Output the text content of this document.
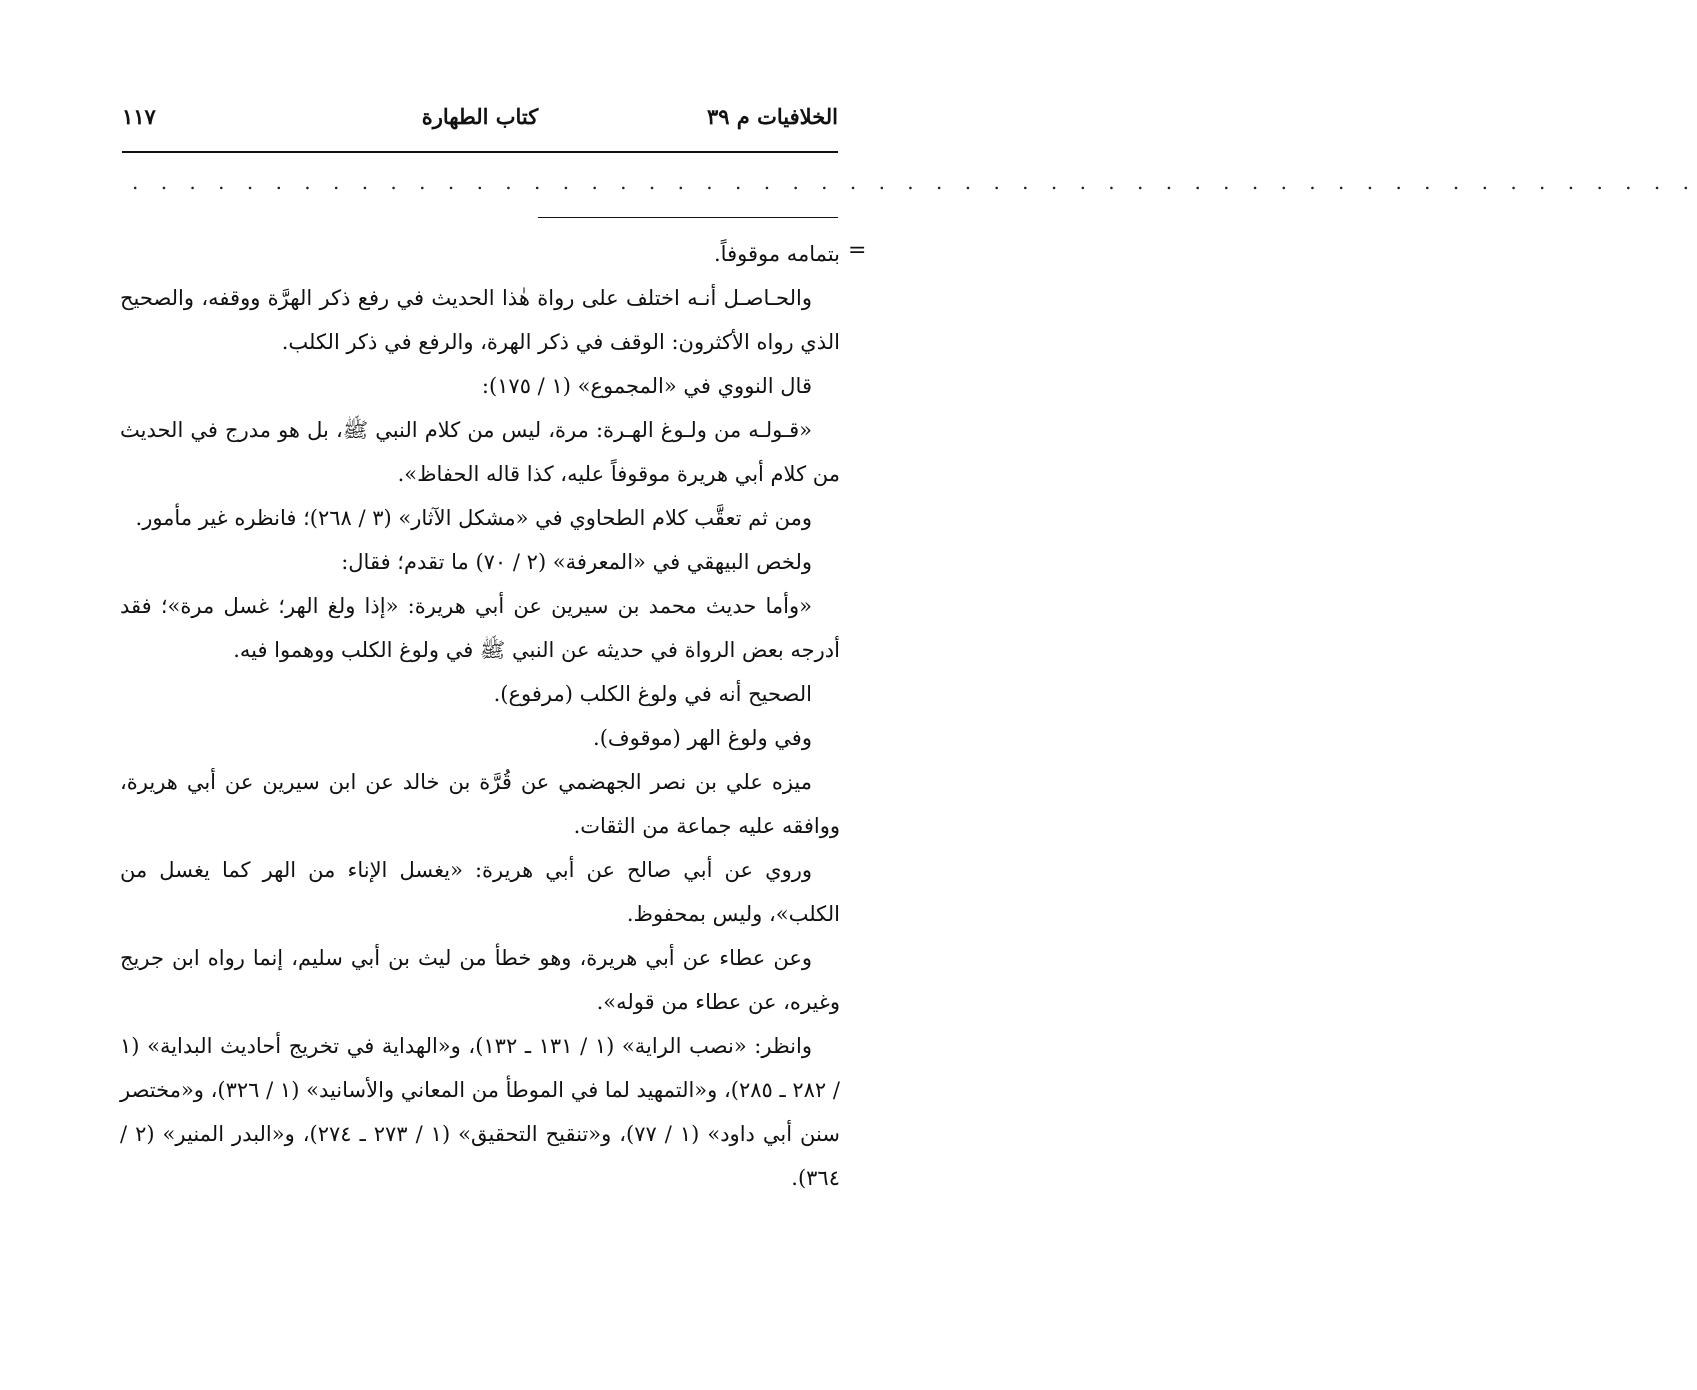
الخلافيات م ٣٩
كتاب الطهارة
١١٧
. . . . . . . . . . . . . . . . . . . . . . . . . . . . . . . . . . . . . . . . . . . . . . . . . . . . . . .
=

بتمامه موقوفاً.

والحـاصـل أنـه اختلف على رواة هٰذا الحديث في رفع ذكر الهرَّة ووقفه، والصحيح الذي رواه الأكثرون: الوقف في ذكر الهرة، والرفع في ذكر الكلب.

قال النووي في «المجموع» (١ / ١٧٥):

«قـولـه من ولـوغ الهـرة: مرة، ليس من كلام النبي ﷺ، بل هو مدرج في الحديث من كلام أبي هريرة موقوفاً عليه، كذا قاله الحفاظ».

ومن ثم تعقَّب كلام الطحاوي في «مشكل الآثار» (٣ / ٢٦٨)؛ فانظره غير مأمور.

ولخص البيهقي في «المعرفة» (٢ / ٧٠) ما تقدم؛ فقال:

«وأما حديث محمد بن سيرين عن أبي هريرة: «إذا ولغ الهر؛ غسل مرة»؛ فقد أدرجه بعض الرواة في حديثه عن النبي ﷺ في ولوغ الكلب ووهموا فيه.

الصحيح أنه في ولوغ الكلب (مرفوع).

وفي ولوغ الهر (موقوف).

ميزه علي بن نصر الجهضمي عن قُرَّة بن خالد عن ابن سيرين عن أبي هريرة، ووافقه عليه جماعة من الثقات.

وروي عن أبي صالح عن أبي هريرة: «يغسل الإناء من الهر كما يغسل من الكلب»، وليس بمحفوظ.

وعن عطاء عن أبي هريرة، وهو خطأ من ليث بن أبي سليم، إنما رواه ابن جريج وغيره، عن عطاء من قوله».

وانظر: «نصب الراية» (١ / ١٣١ ـ ١٣٢)، و«الهداية في تخريج أحاديث البداية» (١ / ٢٨٢ ـ ٢٨٥)، و«التمهيد لما في الموطأ من المعاني والأسانيد» (١ / ٣٢٦)، و«مختصر سنن أبي داود» (١ / ٧٧)، و«تنقيح التحقيق» (١ / ٢٧٣ ـ ٢٧٤)، و«البدر المنير» (٢ / ٣٦٤).
